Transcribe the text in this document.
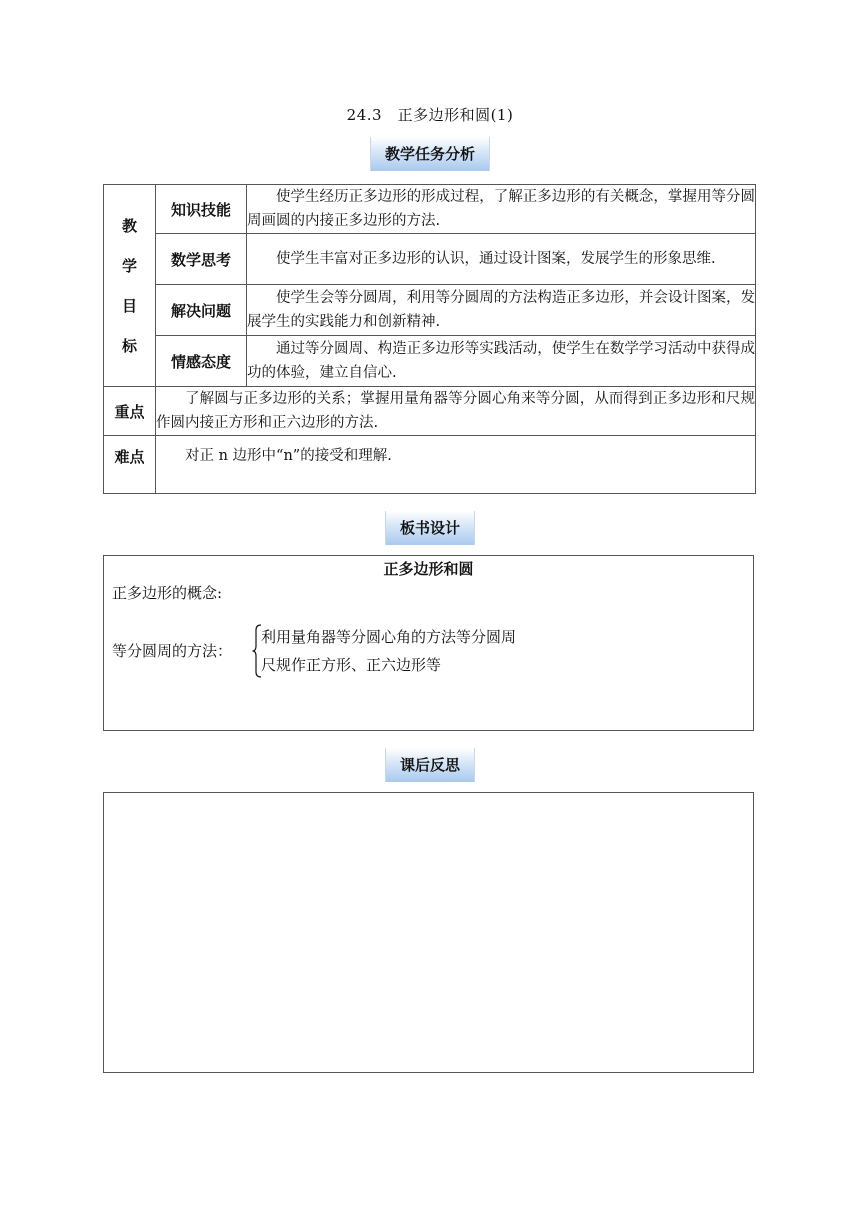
24.3　正多边形和圆(1)
教学任务分析
教
学
目
标	知识技能	使学生经历正多边形的形成过程，了解正多边形的有关概念，掌握用等分圆周画圆的内接正多边形的方法.
	数学思考	使学生丰富对正多边形的认识，通过设计图案，发展学生的形象思维.
	解决问题	使学生会等分圆周，利用等分圆周的方法构造正多边形，并会设计图案，发展学生的实践能力和创新精神.
	情感态度	通过等分圆周、构造正多边形等实践活动，使学生在数学学习活动中获得成功的体验，建立自信心.
重点	了解圆与正多边形的关系；掌握用量角器等分圆心角来等分圆，从而得到正多边形和尺规作圆内接正方形和正六边形的方法.	
难点	对正 n 边形中“n”的接受和理解.	
板书设计
正多边形和圆
正多边形的概念:
等分圆周的方法：
利用量角器等分圆心角的方法等分圆周
尺规作正方形、正六边形等
课后反思
